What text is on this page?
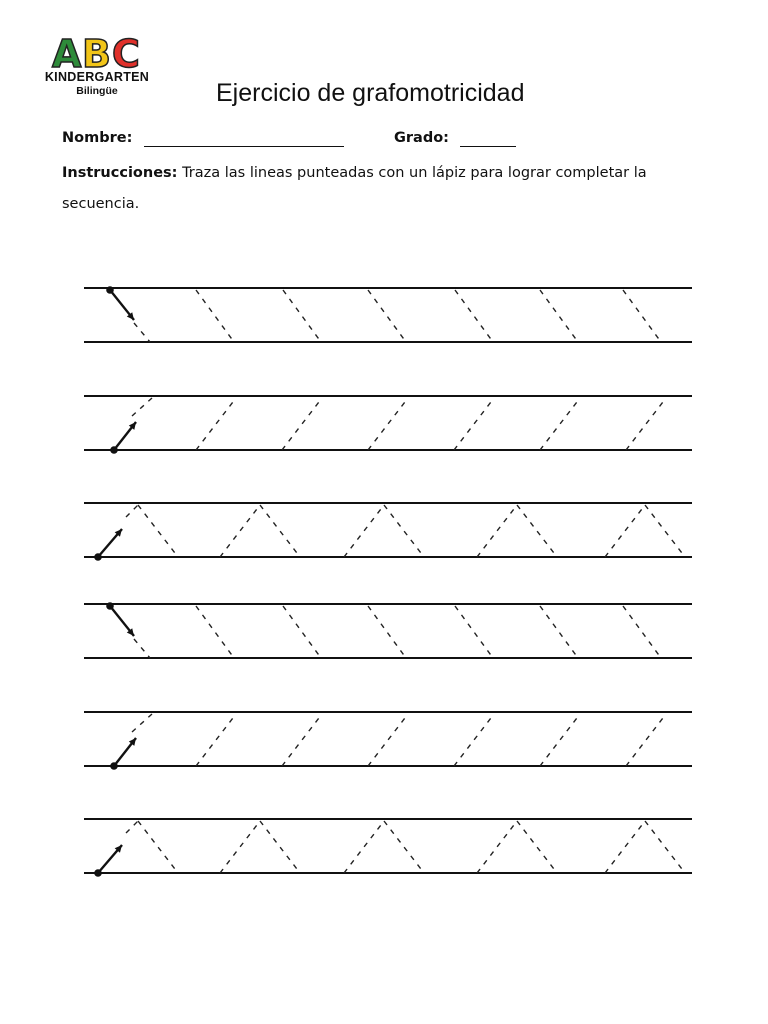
A B C
KINDERGARTEN
Bilingüe	Ejercicio de grafomotricidad
Nombre:	Grado:
Instrucciones: Traza las lineas punteadas con un lápiz para lograr completar la secuencia.
